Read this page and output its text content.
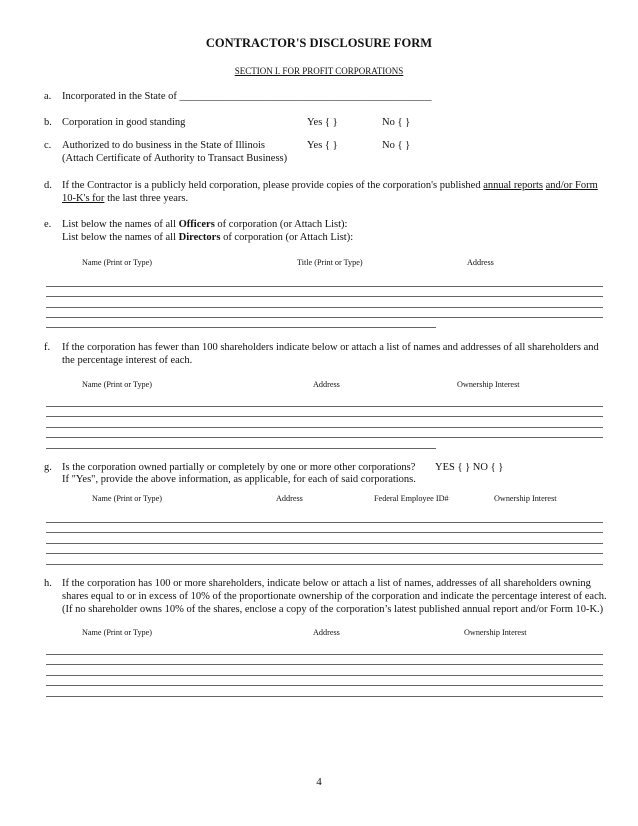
CONTRACTOR'S DISCLOSURE FORM
SECTION I. FOR PROFIT CORPORATIONS
a. Incorporated in the State of ________________________________________________
b. Corporation in good standing	Yes { }	No { }
c. Authorized to do business in the State of Illinois
(Attach Certificate of Authority to Transact Business)
Yes { }	No { }
d. If the Contractor is a publicly held corporation, please provide copies of the corporation's published annual reports and/or Form
10-K's for the last three years.
e. List below the names of all Officers of corporation (or Attach List):
List below the names of all Directors of corporation (or Attach List):
Name (Print or Type)	Title (Print or Type)	Address
f. If the corporation has fewer than 100 shareholders indicate below or attach a list of names and addresses of all shareholders and
the percentage interest of each.
Name (Print or Type)	Address	Ownership Interest
g. Is the corporation owned partially or completely by one or more other corporations? YES { } NO { }
If "Yes", provide the above information, as applicable, for each of said corporations.
Name (Print or Type)	Address	Federal Employee ID#	Ownership Interest
h. If the corporation has 100 or more shareholders, indicate below or attach a list of names, addresses of all shareholders owning
shares equal to or in excess of 10% of the proportionate ownership of the corporation and indicate the percentage interest of each.
(If no shareholder owns 10% of the shares, enclose a copy of the corporation’s latest published annual report and/or Form 10-K.)
Name (Print or Type)	Address	Ownership Interest
4
